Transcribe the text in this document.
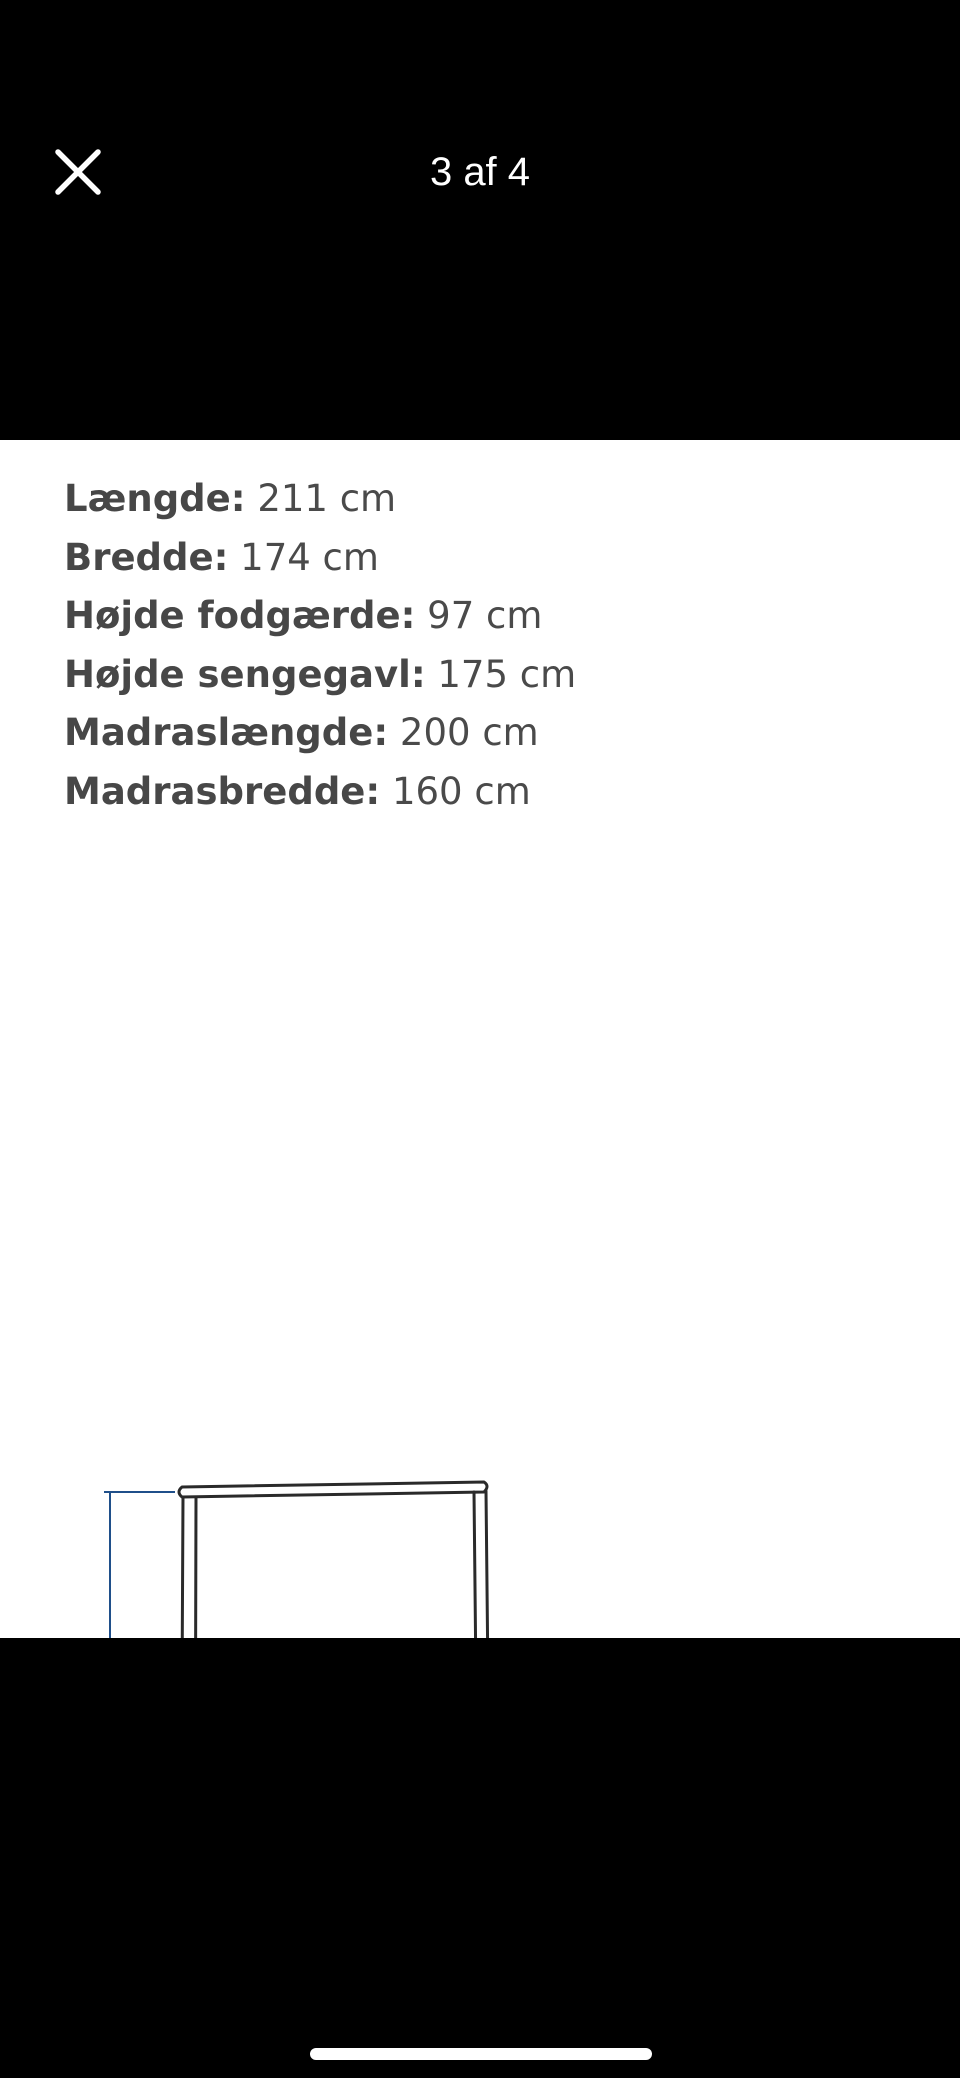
3 af 4
Længde: 211 cm
Bredde: 174 cm
Højde fodgærde: 97 cm
Højde sengegavl: 175 cm
Madraslængde: 200 cm
Madrasbredde: 160 cm
